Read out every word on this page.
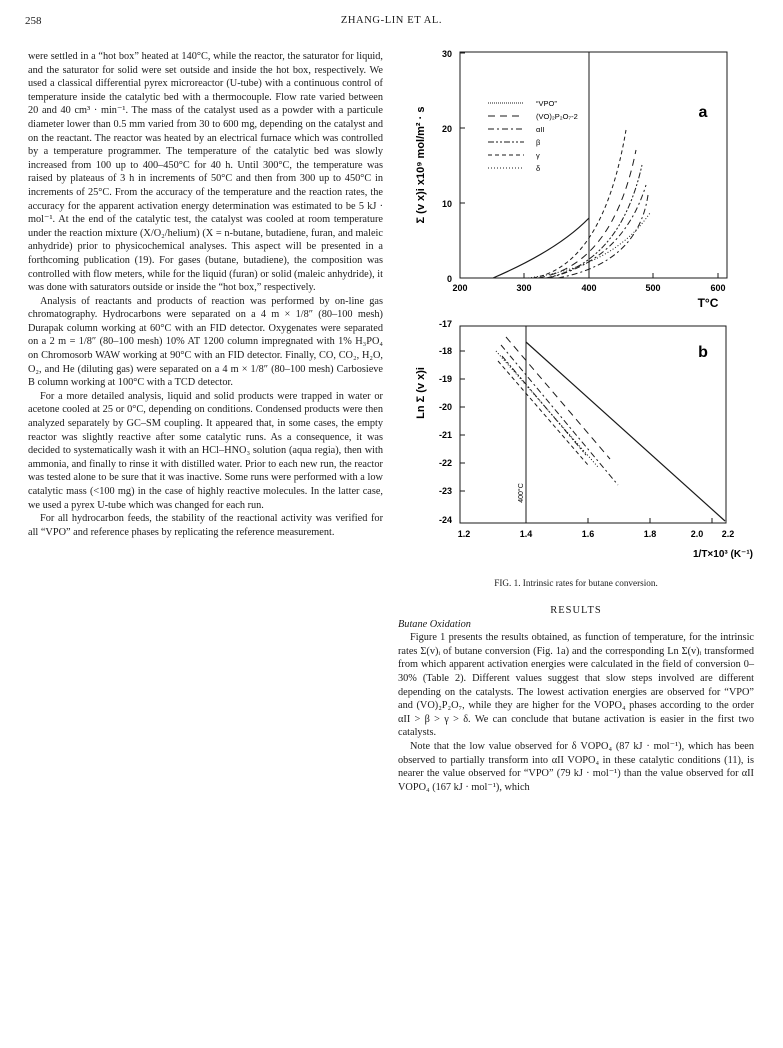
258	ZHANG-LIN ET AL.

were settled in a “hot box” heated at 140°C, while the reactor, the saturator for liquid, and the saturator for solid were set outside and inside the hot box, respectively. We used a classical differential pyrex microreactor (U-tube) with a continuous control of temperature inside the catalytic bed with a thermocouple. Flow rate varied between 20 and 40 cm³ · min⁻¹. The mass of the catalyst used as a powder with a particule diameter lower than 0.5 mm varied from 30 to 600 mg, depending on the catalyst and on the reactant. The reactor was heated by an electrical furnace which was controlled by a temperature programmer. The temperature of the catalytic bed was slowly increased from 100 up to 400–450°C for 40 h. Until 300°C, the temperature was raised by plateaus of 3 h in increments of 50°C and then from 300 up to 450°C in increments of 25°C. From the accuracy of the temperature and the reaction rates, the accuracy for the apparent activation energy determination was estimated to be 5 kJ · mol⁻¹. At the end of the catalytic test, the catalyst was cooled at room temperature under the reaction mixture (X/O₂/helium) (X = n-butane, butadiene, furan, and maleic anhydride) prior to physicochemical analyses. This aspect will be presented in a forthcoming publication (19). For gases (butane, butadiene), the composition was controlled with flow meters, while for the liquid (furan) or solid (maleic anhydride), it was done with saturators outside or inside the “hot box,” respectively.

Analysis of reactants and products of reaction was performed by on-line gas chromatography. Hydrocarbons were separated on a 4 m × 1/8″ (80–100 mesh) Durapak column working at 60°C with an FID detector. Oxygenates were separated on a 2 m = 1/8″ (80–100 mesh) 10% AT 1200 column impregnated with 1% H₃PO₄ on Chromosorb WAW working at 90°C with an FID detector. Finally, CO, CO₂, H₂O, O₂, and He (diluting gas) were separated on a 4 m × 1/8″ (80–100 mesh) Carbosieve B column working at 100°C with a TCD detector.

For a more detailed analysis, liquid and solid products were trapped in water or acetone cooled at 25 or 0°C, depending on conditions. Condensed products were then analyzed separately by GC–SM coupling. It appeared that, in some cases, the empty reactor was slightly reactive after some catalytic runs. As a consequence, it was decided to systematically wash it with an HCl–HNO₃ solution (aqua regia), then with ammonia, and finally to rinse it with distilled water. Prior to each new run, the reactor was tested alone to be sure that it was inactive. Some runs were performed with a low catalytic mass (<100 mg) in the case of highly reactive molecules. In the latter case, we used a pyrex U-tube which was changed for each run.

For all hydrocarbon feeds, the stability of the reactional activity was verified for all “VPO” and reference phases by replicating the reference measurement.

0
10
20
30
200	300	400	500	600
T°C
Σ (v x)i x10⁹ mol/m² · s	a
“VPO”
(VO)₂P₂O₇-2
αII
β
γ
δ
400°C
-17
-18
-19
-20
-21
-22
-23
-24
1.2	1.4	1.6	1.8	2.0 2.2
1/T×10³ (K⁻¹)
Ln Σ (v x)i
b
FIG. 1. Intrinsic rates for butane conversion.

RESULTS

Butane Oxidation

Figure 1 presents the results obtained, as function of temperature, for the intrinsic rates Σ(v)ᵢ of butane conversion (Fig. 1a) and the corresponding Ln Σ(v)ᵢ transformed from which apparent activation energies were calculated in the field of conversion 0–30% (Table 2). Different values suggest that slow steps involved are different depending on the catalysts. The lowest activation energies are observed for “VPO” and (VO)₂P₂O₇, while they are higher for the VOPO₄ phases according to the order αII > β > γ > δ. We can conclude that butane activation is easier in the first two catalysts.

Note that the low value observed for δ VOPO₄ (87 kJ · mol⁻¹), which has been observed to partially transform into αII VOPO₄ in these catalytic conditions (11), is nearer the value observed for “VPO” (79 kJ · mol⁻¹) than the value observed for αII VOPO₄ (167 kJ · mol⁻¹), which
